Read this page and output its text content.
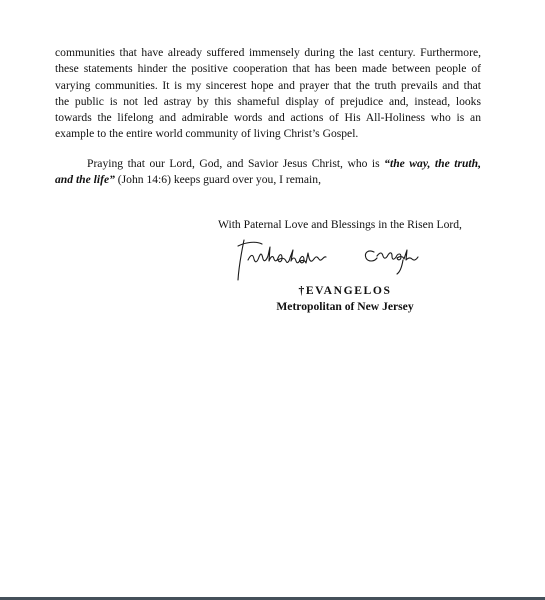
communities that have already suffered immensely during the last century. Furthermore,
these statements hinder the positive cooperation that has been made between people of
varying communities. It is my sincerest hope and prayer that the truth prevails and that
the public is not led astray by this shameful display of prejudice and, instead, looks
towards the lifelong and admirable words and actions of His All-Holiness who is an
example to the entire world community of living Christ’s Gospel.

Praying that our Lord, God, and Savior Jesus Christ, who is “the way, the truth,
and the life” (John 14:6) keeps guard over you, I remain,

With Paternal Love and Blessings in the Risen Lord,

†EVANGELOS
Metropolitan of New Jersey
